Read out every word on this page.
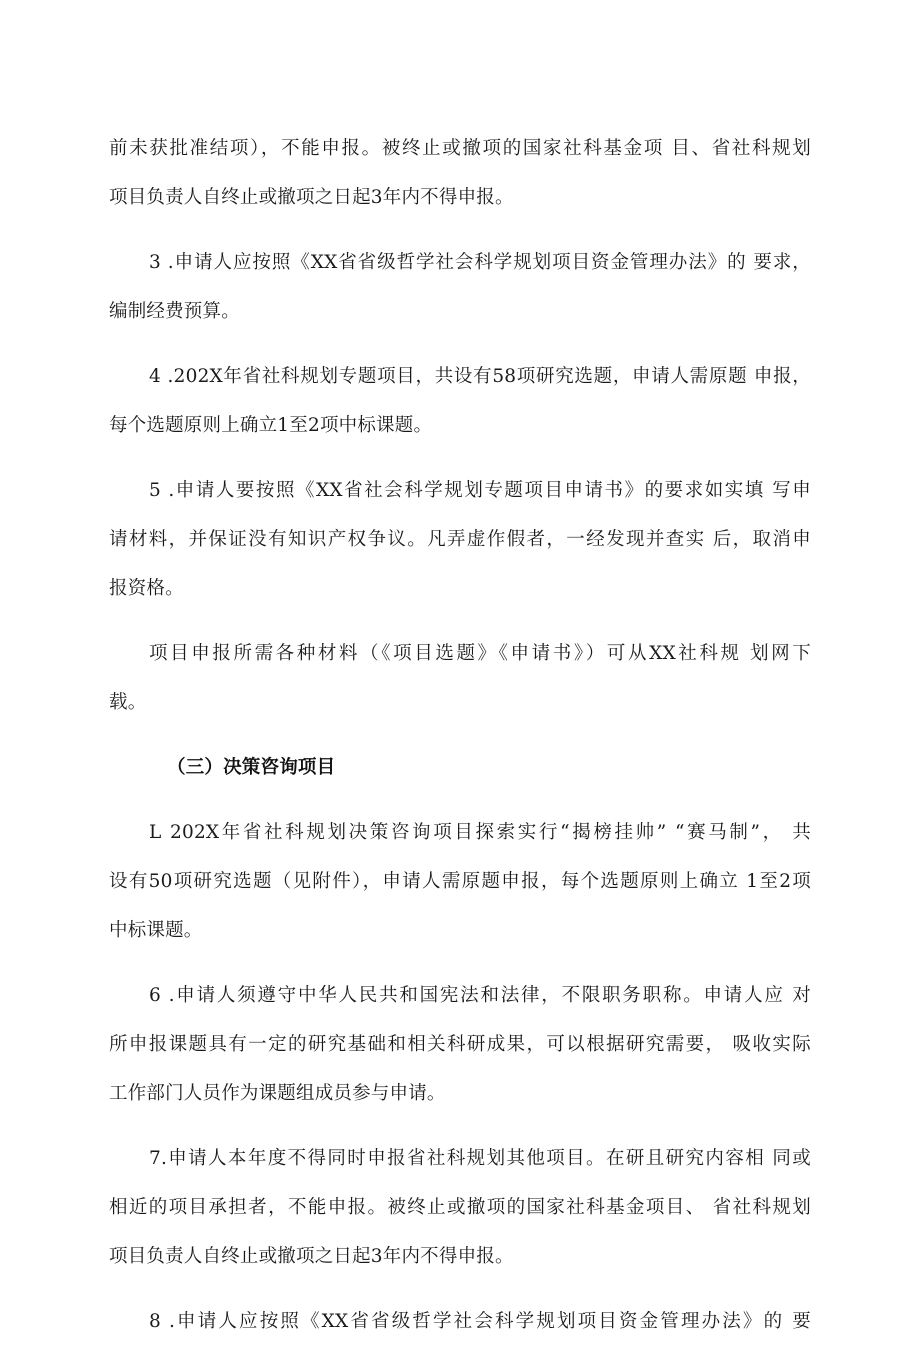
前未获批准结项），不能申报。被终止或撤项的国家社科基金项 目、省社科规划
项目负责人自终止或撤项之日起3年内不得申报。
3 .申请人应按照《XX省省级哲学社会科学规划项目资金管理办法》的 要求，
编制经费预算。
4 .202X年省社科规划专题项目，共设有58项研究选题，申请人需原题 申报，
每个选题原则上确立1至2项中标课题。
5 .申请人要按照《XX省社会科学规划专题项目申请书》的要求如实填 写申
请材料，并保证没有知识产权争议。凡弄虚作假者，一经发现并查实 后，取消申
报资格。
项目申报所需各种材料（《项目选题》《申请书》）可从XX社科规 划网下
载。
（三）决策咨询项目
L 202X年省社科规划决策咨询项目探索实行“揭榜挂帅” “赛马制”， 共
设有50项研究选题（见附件），申请人需原题申报，每个选题原则上确立 1至2项
中标课题。
6 .申请人须遵守中华人民共和国宪法和法律，不限职务职称。申请人应 对
所申报课题具有一定的研究基础和相关科研成果，可以根据研究需要， 吸收实际
工作部门人员作为课题组成员参与申请。
7.申请人本年度不得同时申报省社科规划其他项目。在研且研究内容相 同或
相近的项目承担者，不能申报。被终止或撤项的国家社科基金项目、 省社科规划
项目负责人自终止或撤项之日起3年内不得申报。
8 .申请人应按照《XX省省级哲学社会科学规划项目资金管理办法》的 要
